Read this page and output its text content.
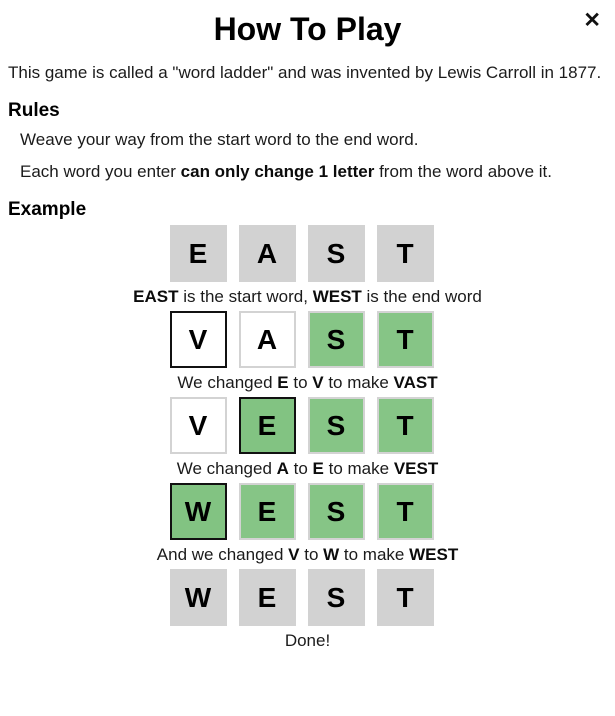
How To Play	✕

This game is called a "word ladder" and was invented by Lewis Carroll in 1877.

Rules

Weave your way from the start word to the end word.

Each word you enter can only change 1 letter from the word above it.

Example
E	A	S	T
EAST is the start word, WEST is the end word
V	A	S	T
We changed E to V to make VAST
V	E	S	T
We changed A to E to make VEST
W	E	S	T
And we changed V to W to make WEST
W	E	S	T
Done!
